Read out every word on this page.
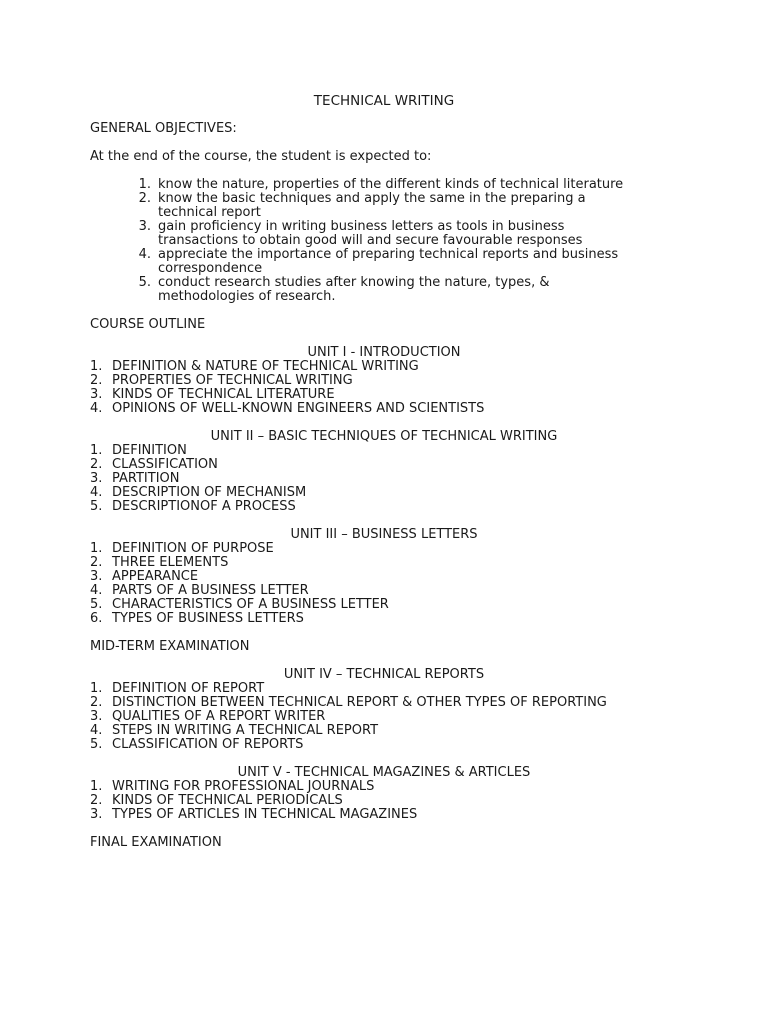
TECHNICAL WRITING
GENERAL OBJECTIVES:
At the end of the course, the student is expected to:
1. know the nature, properties of the different kinds of technical literature
2. know the basic techniques and apply the same in the preparing a
technical report
3. gain proficiency in writing business letters as tools in business
transactions to obtain good will and secure favourable responses
4. appreciate the importance of preparing technical reports and business
correspondence
5. conduct research studies after knowing the nature, types, &
methodologies of research.
COURSE OUTLINE
UNIT I - INTRODUCTION
1. DEFINITION & NATURE OF TECHNICAL WRITING
2. PROPERTIES OF TECHNICAL WRITING
3. KINDS OF TECHNICAL LITERATURE
4. OPINIONS OF WELL-KNOWN ENGINEERS AND SCIENTISTS
UNIT II – BASIC TECHNIQUES OF TECHNICAL WRITING
1. DEFINITION
2. CLASSIFICATION
3. PARTITION
4. DESCRIPTION OF MECHANISM
5. DESCRIPTIONOF A PROCESS
UNIT III – BUSINESS LETTERS
1. DEFINITION OF PURPOSE
2. THREE ELEMENTS
3. APPEARANCE
4. PARTS OF A BUSINESS LETTER
5. CHARACTERISTICS OF A BUSINESS LETTER
6. TYPES OF BUSINESS LETTERS
MID-TERM EXAMINATION
UNIT IV – TECHNICAL REPORTS
1. DEFINITION OF REPORT
2. DISTINCTION BETWEEN TECHNICAL REPORT & OTHER TYPES OF REPORTING
3. QUALITIES OF A REPORT WRITER
4. STEPS IN WRITING A TECHNICAL REPORT
5. CLASSIFICATION OF REPORTS
UNIT V - TECHNICAL MAGAZINES & ARTICLES
1. WRITING FOR PROFESSIONAL JOURNALS
2. KINDS OF TECHNICAL PERIODICALS
3. TYPES OF ARTICLES IN TECHNICAL MAGAZINES
FINAL EXAMINATION
